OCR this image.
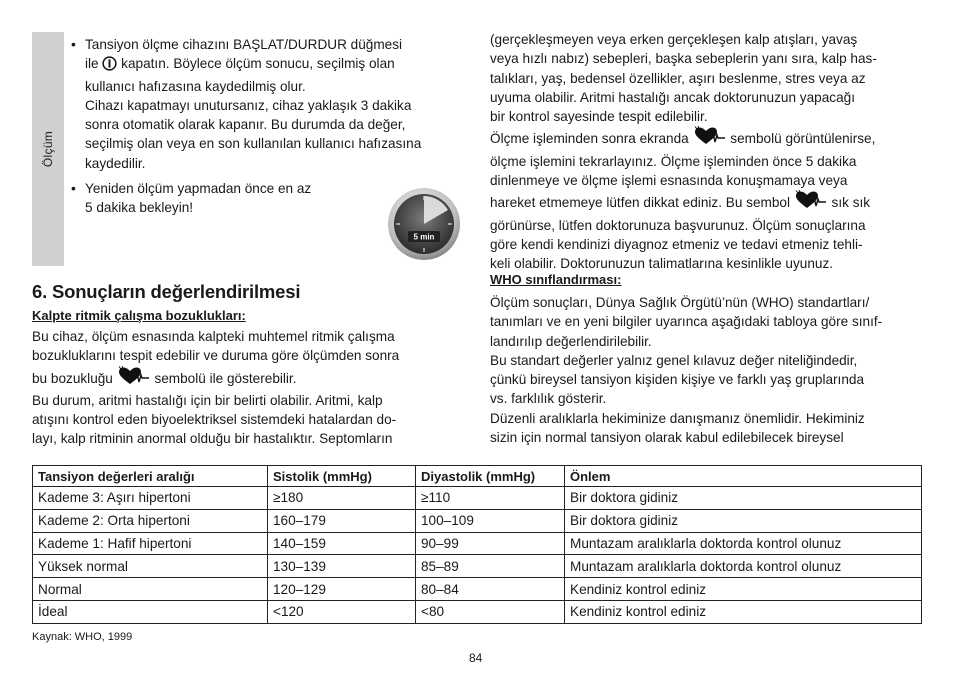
Ölçüm
• Tansiyon ölçme cihazını BAŞLAT/DURDUR düğmesi
ile kapatın. Böylece ölçüm sonucu, seçilmiş olan
kullanıcı hafızasına kaydedilmiş olur.
Cihazı kapatmayı unutursanız, cihaz yaklaşık 3 dakika
sonra otomatik olarak kapanır. Bu durumda da değer,
seçilmiş olan veya en son kullanılan kullanıcı hafızasına
kaydedilir.
• Yeniden ölçüm yapmadan önce en az
5 dakika bekleyin!
5 min
6. Sonuçların değerlendirilmesi
Kalpte ritmik çalışma bozuklukları:
Bu cihaz, ölçüm esnasında kalpteki muhtemel ritmik çalışma
bozukluklarını tespit edebilir ve duruma göre ölçümden sonra
bu bozukluğu	sembolü ile gösterebilir.
Bu durum, aritmi hastalığı için bir belirti olabilir. Aritmi, kalp
atışını kontrol eden biyoelektriksel sistemdeki hatalardan do-
layı, kalp ritminin anormal olduğu bir hastalıktır. Septomların
(gerçekleşmeyen veya erken gerçekleşen kalp atışları, yavaş
veya hızlı nabız) sebepleri, başka sebeplerin yanı sıra, kalp has-
talıkları, yaş, bedensel özellikler, aşırı beslenme, stres veya az
uyuma olabilir. Aritmi hastalığı ancak doktorunuzun yapacağı
bir kontrol sayesinde tespit edilebilir.
Ölçme işleminden sonra ekranda	sembolü görüntülenirse,
ölçme işlemini tekrarlayınız. Ölçme işleminden önce 5 dakika
dinlenmeye ve ölçme işlemi esnasında konuşmamaya veya
hareket etmemeye lütfen dikkat ediniz. Bu sembol	sık sık
görünürse, lütfen doktorunuza başvurunuz. Ölçüm sonuçlarına
göre kendi kendinizi diyagnoz etmeniz ve tedavi etmeniz tehli-
keli olabilir. Doktorunuzun talimatlarına kesinlikle uyunuz.
WHO sınıflandırması:
Ölçüm sonuçları, Dünya Sağlık Örgütü’nün (WHO) standartları/
tanımları ve en yeni bilgiler uyarınca aşağıdaki tabloya göre sınıf-
landırılıp değerlendirilebilir.
Bu standart değerler yalnız genel kılavuz değer niteliğindedir,
çünkü bireysel tansiyon kişiden kişiye ve farklı yaş gruplarında
vs. farklılık gösterir.
Düzenli aralıklarla hekiminize danışmanız önemlidir. Hekiminiz
sizin için normal tansiyon olarak kabul edilebilecek bireysel
Tansiyon değerleri aralığı	Sistolik (mmHg)	Diyastolik (mmHg)	Önlem
Kademe 3: Aşırı hipertoni	≥180	≥110	Bir doktora gidiniz
Kademe 2: Orta hipertoni	160–179	100–109	Bir doktora gidiniz
Kademe 1: Hafif hipertoni	140–159	90–99	Muntazam aralıklarla doktorda kontrol olunuz
Yüksek normal	130–139	85–89	Muntazam aralıklarla doktorda kontrol olunuz
Normal	120–129	80–84	Kendiniz kontrol ediniz
İdeal	<120	<80	Kendiniz kontrol ediniz
Kaynak: WHO, 1999
84
